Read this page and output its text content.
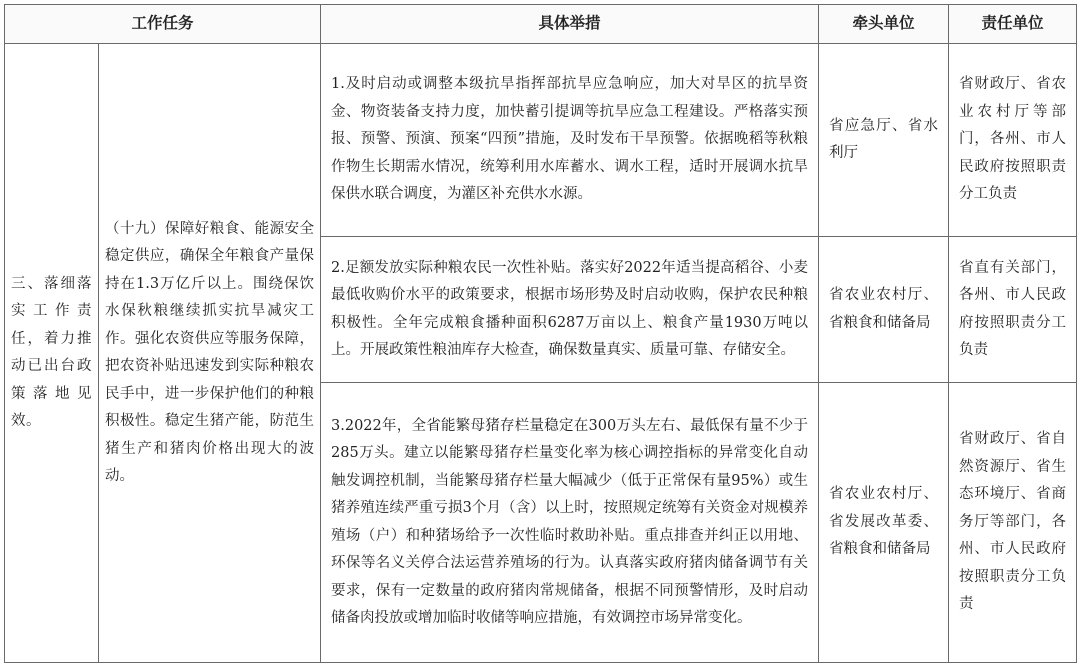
工作任务		具体举措	牵头单位	责任单位
三、落细落实工作责任，着力推动已出台政策落地见效。	（十九）保障好粮食、能源安全稳定供应，确保全年粮食产量保持在1.3万亿斤以上。围绕保饮水保秋粮继续抓实抗旱减灾工作。强化农资供应等服务保障，把农资补贴迅速发到实际种粮农民手中，进一步保护他们的种粮积极性。稳定生猪产能，防范生猪生产和猪肉价格出现大的波动。	1.及时启动或调整本级抗旱指挥部抗旱应急响应，加大对旱区的抗旱资金、物资装备支持力度，加快蓄引提调等抗旱应急工程建设。严格落实预报、预警、预演、预案“四预”措施，及时发布干旱预警。依据晚稻等秋粮作物生长期需水情况，统筹利用水库蓄水、调水工程，适时开展调水抗旱保供水联合调度，为灌区补充供水水源。	省应急厅、省水利厅	省财政厅、省农业农村厅等部门，各州、市人民政府按照职责分工负责
		2.足额发放实际种粮农民一次性补贴。落实好2022年适当提高稻谷、小麦最低收购价水平的政策要求，根据市场形势及时启动收购，保护农民种粮积极性。全年完成粮食播种面积6287万亩以上、粮食产量1930万吨以上。开展政策性粮油库存大检查，确保数量真实、质量可靠、存储安全。	省农业农村厅、省粮食和储备局	省直有关部门，各州、市人民政府按照职责分工负责
		3.2022年，全省能繁母猪存栏量稳定在300万头左右、最低保有量不少于285万头。建立以能繁母猪存栏量变化率为核心调控指标的异常变化自动触发调控机制，当能繁母猪存栏量大幅减少（低于正常保有量95%）或生猪养殖连续严重亏损3个月（含）以上时，按照规定统筹有关资金对规模养殖场（户）和种猪场给予一次性临时救助补贴。重点排查并纠正以用地、环保等名义关停合法运营养殖场的行为。认真落实政府猪肉储备调节有关要求，保有一定数量的政府猪肉常规储备，根据不同预警情形，及时启动储备肉投放或增加临时收储等响应措施，有效调控市场异常变化。	省农业农村厅、省发展改革委、省粮食和储备局	省财政厅、省自然资源厅、省生态环境厅、省商务厅等部门，各州、市人民政府按照职责分工负责
